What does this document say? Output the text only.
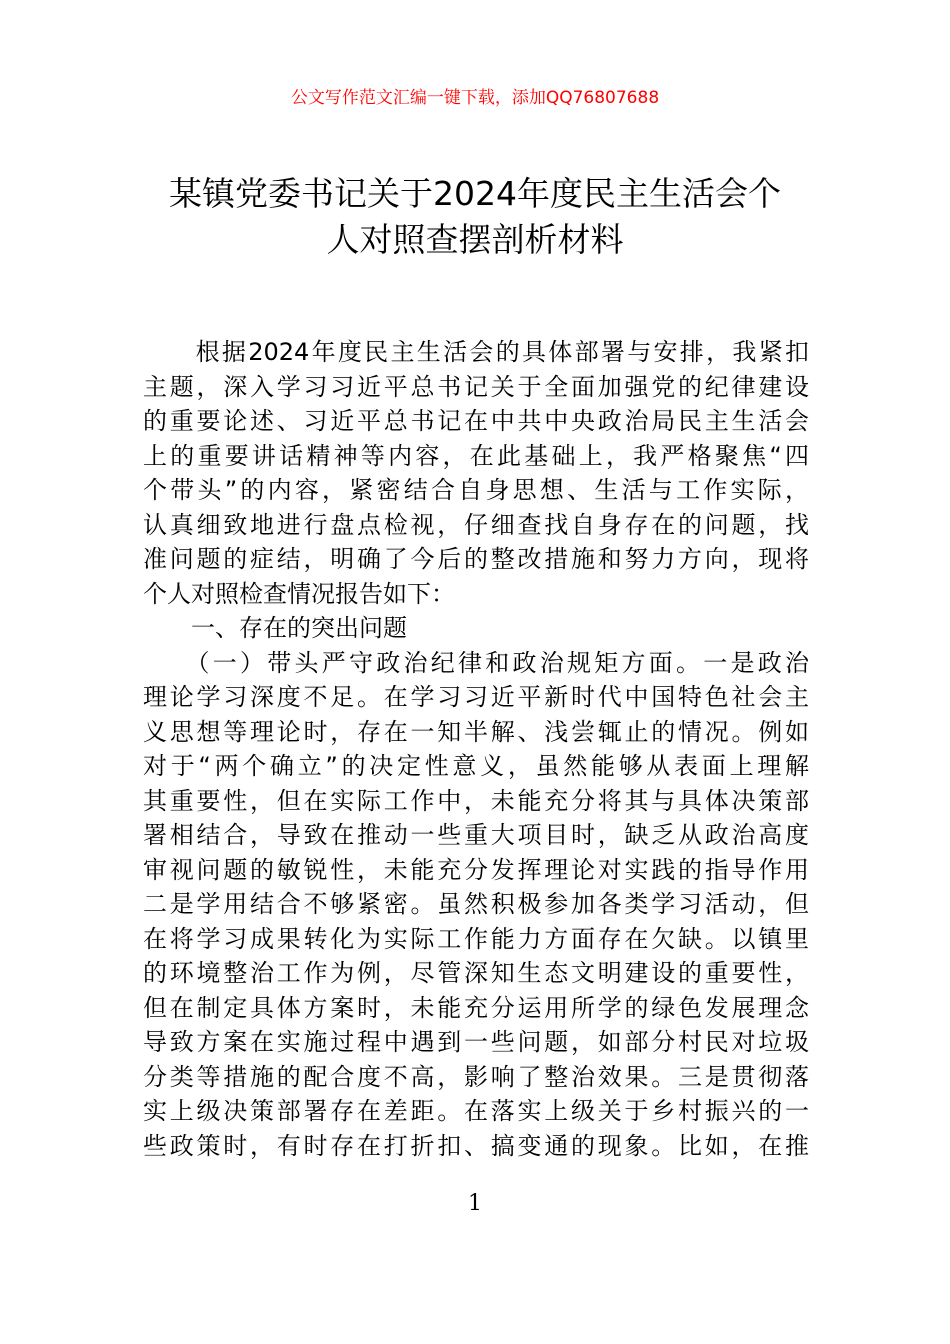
公文写作范文汇编一键下载，添加QQ76807688
某镇党委书记关于2024年度民主生活会个
人对照查摆剖析材料
　　根据2024年度民主生活会的具体部署与安排，我紧扣
主题，深入学习习近平总书记关于全面加强党的纪律建设
的重要论述、习近平总书记在中共中央政治局民主生活会
上的重要讲话精神等内容，在此基础上，我严格聚焦“四
个带头”的内容，紧密结合自身思想、生活与工作实际，
认真细致地进行盘点检视，仔细查找自身存在的问题，找
准问题的症结，明确了今后的整改措施和努力方向，现将
个人对照检查情况报告如下：
　　一、存在的突出问题
　　（一）带头严守政治纪律和政治规矩方面。一是政治
理论学习深度不足。在学习习近平新时代中国特色社会主
义思想等理论时，存在一知半解、浅尝辄止的情况。例如
对于“两个确立”的决定性意义，虽然能够从表面上理解
其重要性，但在实际工作中，未能充分将其与具体决策部
署相结合，导致在推动一些重大项目时，缺乏从政治高度
审视问题的敏锐性，未能充分发挥理论对实践的指导作用
二是学用结合不够紧密。虽然积极参加各类学习活动，但
在将学习成果转化为实际工作能力方面存在欠缺。以镇里
的环境整治工作为例，尽管深知生态文明建设的重要性，
但在制定具体方案时，未能充分运用所学的绿色发展理念
导致方案在实施过程中遇到一些问题，如部分村民对垃圾
分类等措施的配合度不高，影响了整治效果。三是贯彻落
实上级决策部署存在差距。在落实上级关于乡村振兴的一
些政策时，有时存在打折扣、搞变通的现象。比如，在推
1
